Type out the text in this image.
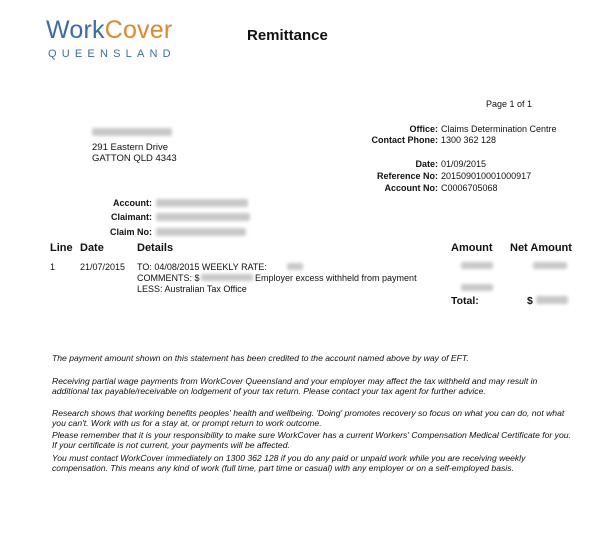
WorkCover
QUEENSLAND
Remittance
Page 1 of 1
291 Eastern Drive
GATTON QLD 4343
Office: Claims Determination Centre
Contact Phone: 1300 362 128
Date: 01/09/2015
Reference No: 201509010001000917
Account No: C0006705068
Account:
Claimant:
Claim No:
Line Date	Details	Amount Net Amount
1	21/07/2015 TO: 04/08/2015 WEEKLY RATE:
COMMENTS: $	Employer excess withheld from payment
LESS: Australian Tax Office
Total:	$
The payment amount shown on this statement has been credited to the account named above by way of EFT.
Receiving partial wage payments from WorkCover Queensland and your employer may affect the tax withheld and may result in additional tax payable/receivable on lodgement of your tax return. Please contact your tax agent for further advice.
Research shows that working benefits peoples' health and wellbeing. 'Doing' promotes recovery so focus on what you can do, not what you can't. Work with us for a stay at, or prompt return to work outcome.
Please remember that it is your responsibility to make sure WorkCover has a current Workers' Compensation Medical Certificate for you. If your certificate is not current, your payments will be affected.
You must contact WorkCover immediately on 1300 362 128 if you do any paid or unpaid work while you are receiving weekly compensation. This means any kind of work (full time, part time or casual) with any employer or on a self-employed basis.
